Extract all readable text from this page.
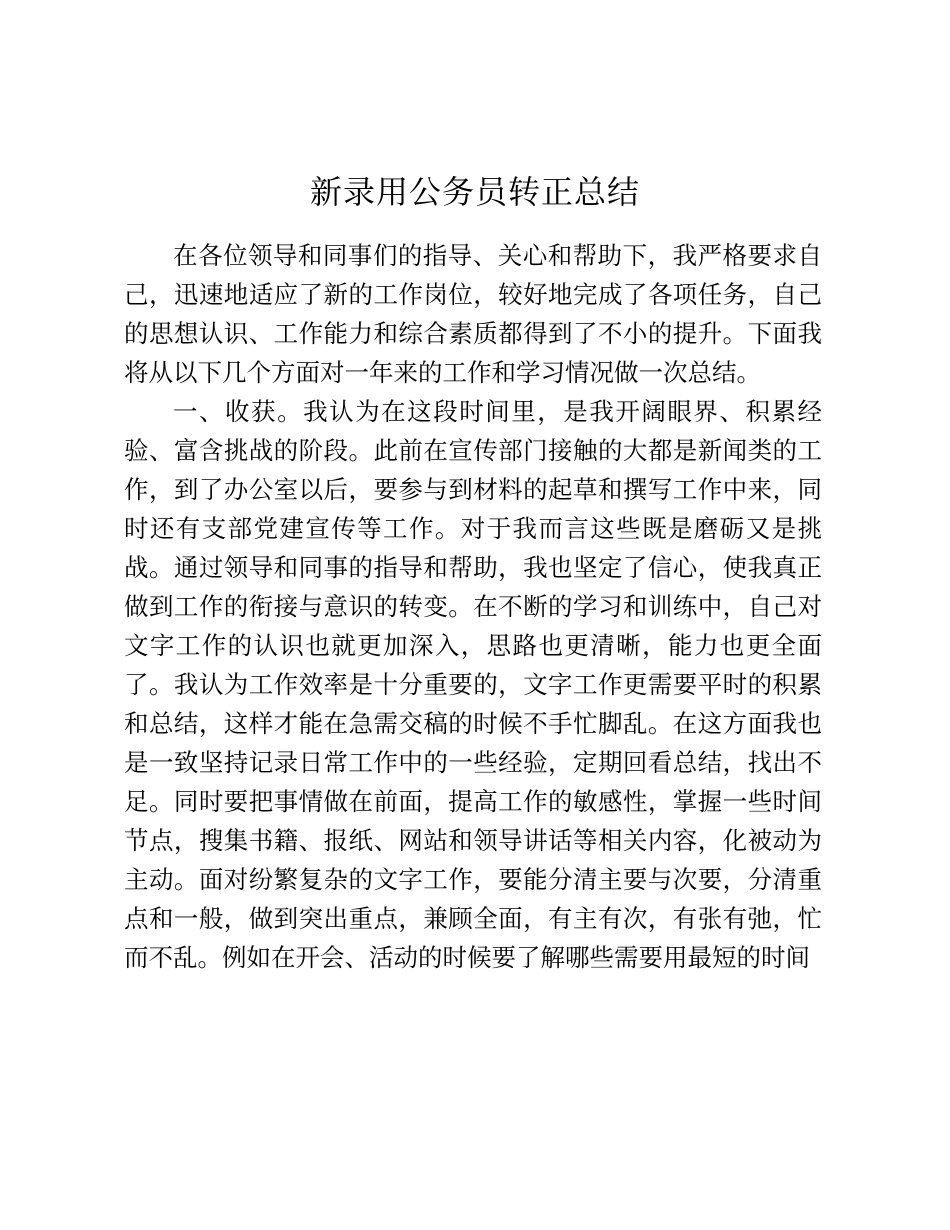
新录用公务员转正总结

在各位领导和同事们的指导、关心和帮助下，我严格要求自己，迅速地适应了新的工作岗位，较好地完成了各项任务，自己的思想认识、工作能力和综合素质都得到了不小的提升。下面我将从以下几个方面对一年来的工作和学习情况做一次总结。

一、收获。我认为在这段时间里，是我开阔眼界、积累经验、富含挑战的阶段。此前在宣传部门接触的大都是新闻类的工作，到了办公室以后，要参与到材料的起草和撰写工作中来，同时还有支部党建宣传等工作。对于我而言这些既是磨砺又是挑战。通过领导和同事的指导和帮助，我也坚定了信心，使我真正做到工作的衔接与意识的转变。在不断的学习和训练中，自己对文字工作的认识也就更加深入，思路也更清晰，能力也更全面了。我认为工作效率是十分重要的，文字工作更需要平时的积累和总结，这样才能在急需交稿的时候不手忙脚乱。在这方面我也是一致坚持记录日常工作中的一些经验，定期回看总结，找出不足。同时要把事情做在前面，提高工作的敏感性，掌握一些时间节点，搜集书籍、报纸、网站和领导讲话等相关内容，化被动为主动。面对纷繁复杂的文字工作，要能分清主要与次要，分清重点和一般，做到突出重点，兼顾全面，有主有次，有张有弛，忙而不乱。例如在开会、活动的时候要了解哪些需要用最短的时间
